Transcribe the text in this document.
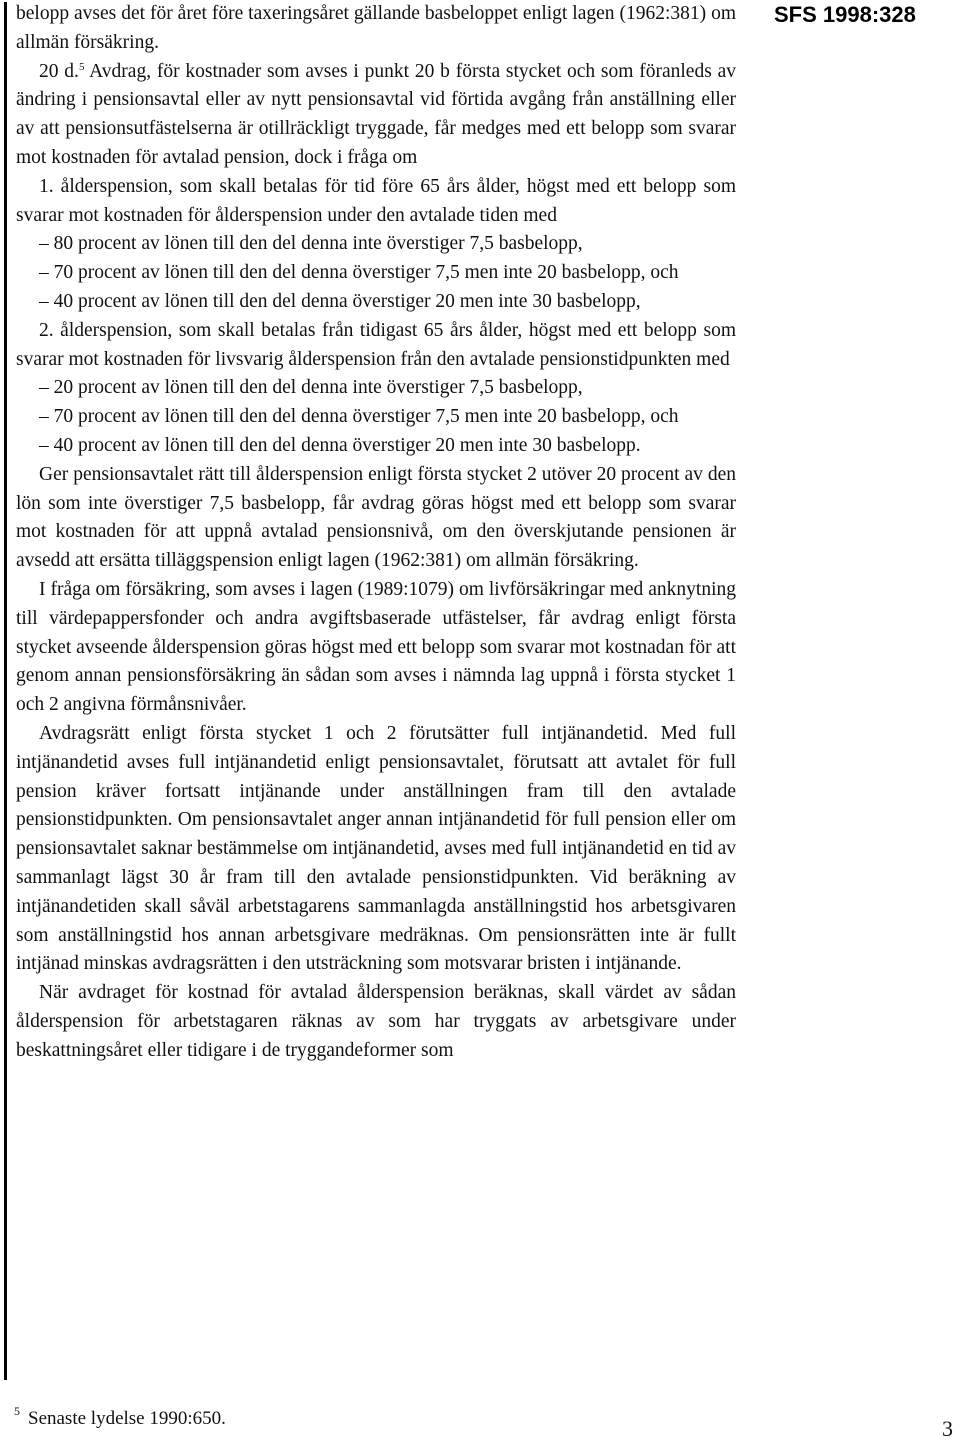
SFS 1998:328

belopp avses det för året före taxeringsåret gällande basbeloppet enligt lagen (1962:381) om allmän försäkring.

20 d.$^5$ Avdrag, för kostnader som avses i punkt 20 b första stycket och som föranleds av ändring i pensionsavtal eller av nytt pensionsavtal vid förtida avgång från anställning eller av att pensionsutfästelserna är otillräckligt tryggade, får medges med ett belopp som svarar mot kostnaden för avtalad pension, dock i fråga om

1. ålderspension, som skall betalas för tid före 65 års ålder, högst med ett belopp som svarar mot kostnaden för ålderspension under den avtalade tiden med

– 80 procent av lönen till den del denna inte överstiger 7,5 basbelopp,

– 70 procent av lönen till den del denna överstiger 7,5 men inte 20 basbelopp, och

– 40 procent av lönen till den del denna överstiger 20 men inte 30 basbelopp,

2. ålderspension, som skall betalas från tidigast 65 års ålder, högst med ett belopp som svarar mot kostnaden för livsvarig ålderspension från den avtalade pensionstidpunkten med

– 20 procent av lönen till den del denna inte överstiger 7,5 basbelopp,

– 70 procent av lönen till den del denna överstiger 7,5 men inte 20 basbelopp, och

– 40 procent av lönen till den del denna överstiger 20 men inte 30 basbelopp.

Ger pensionsavtalet rätt till ålderspension enligt första stycket 2 utöver 20 procent av den lön som inte överstiger 7,5 basbelopp, får avdrag göras högst med ett belopp som svarar mot kostnaden för att uppnå avtalad pensionsnivå, om den överskjutande pensionen är avsedd att ersätta tilläggspension enligt lagen (1962:381) om allmän försäkring.

I fråga om försäkring, som avses i lagen (1989:1079) om livförsäkringar med anknytning till värdepappersfonder och andra avgiftsbaserade utfästelser, får avdrag enligt första stycket avseende ålderspension göras högst med ett belopp som svarar mot kostnadan för att genom annan pensionsförsäkring än sådan som avses i nämnda lag uppnå i första stycket 1 och 2 angivna förmånsnivåer.

Avdragsrätt enligt första stycket 1 och 2 förutsätter full intjänandetid. Med full intjänandetid avses full intjänandetid enligt pensionsavtalet, förutsatt att avtalet för full pension kräver fortsatt intjänande under anställningen fram till den avtalade pensionstidpunkten. Om pensionsavtalet anger annan intjänandetid för full pension eller om pensionsavtalet saknar bestämmelse om intjänandetid, avses med full intjänandetid en tid av sammanlagt lägst 30 år fram till den avtalade pensionstidpunkten. Vid beräkning av intjänandetiden skall såväl arbetstagarens sammanlagda anställningstid hos arbetsgivaren som anställningstid hos annan arbetsgivare medräknas. Om pensionsrätten inte är fullt intjänad minskas avdragsrätten i den utsträckning som motsvarar bristen i intjänande.

När avdraget för kostnad för avtalad ålderspension beräknas, skall värdet av sådan ålderspension för arbetstagaren räknas av som har tryggats av arbetsgivare under beskattningsåret eller tidigare i de tryggandeformer som

$^5$ Senaste lydelse 1990:650.	3
